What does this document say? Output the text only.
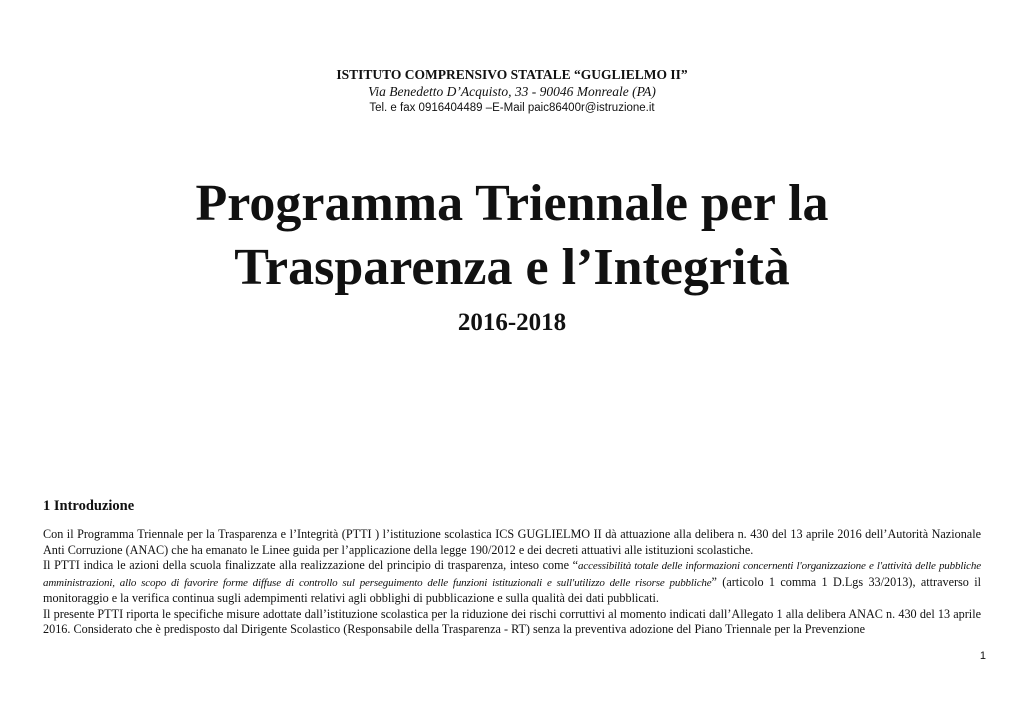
ISTITUTO COMPRENSIVO STATALE “GUGLIELMO II”
Via Benedetto D’Acquisto, 33 - 90046 Monreale (PA)
Tel. e fax 0916404489 –E-Mail paic86400r@istruzione.it
Programma Triennale per la
Trasparenza e l’Integrità
2016-2018
1 Introduzione

Con il Programma Triennale per la Trasparenza e l’Integrità (PTTI ) l’istituzione scolastica ICS GUGLIELMO II dà attuazione alla delibera n. 430 del 13 aprile 2016 dell’Autorità Nazionale Anti Corruzione (ANAC) che ha emanato le Linee guida per l’applicazione della legge 190/2012 e dei decreti attuativi alle istituzioni scolastiche.

Il PTTI indica le azioni della scuola finalizzate alla realizzazione del principio di trasparenza, inteso come “accessibilità totale delle informazioni concernenti l'organizzazione e l'attività delle pubbliche amministrazioni, allo scopo di favorire forme diffuse di controllo sul perseguimento delle funzioni istituzionali e sull'utilizzo delle risorse pubbliche” (articolo 1 comma 1 D.Lgs 33/2013), attraverso il monitoraggio e la verifica continua sugli adempimenti relativi agli obblighi di pubblicazione e sulla qualità dei dati pubblicati.

Il presente PTTI riporta le specifiche misure adottate dall’istituzione scolastica per la riduzione dei rischi corruttivi al momento indicati dall’Allegato 1 alla delibera ANAC n. 430 del 13 aprile 2016. Considerato che è predisposto dal Dirigente Scolastico (Responsabile della Trasparenza - RT) senza la preventiva adozione del Piano Triennale per la Prevenzione

1
